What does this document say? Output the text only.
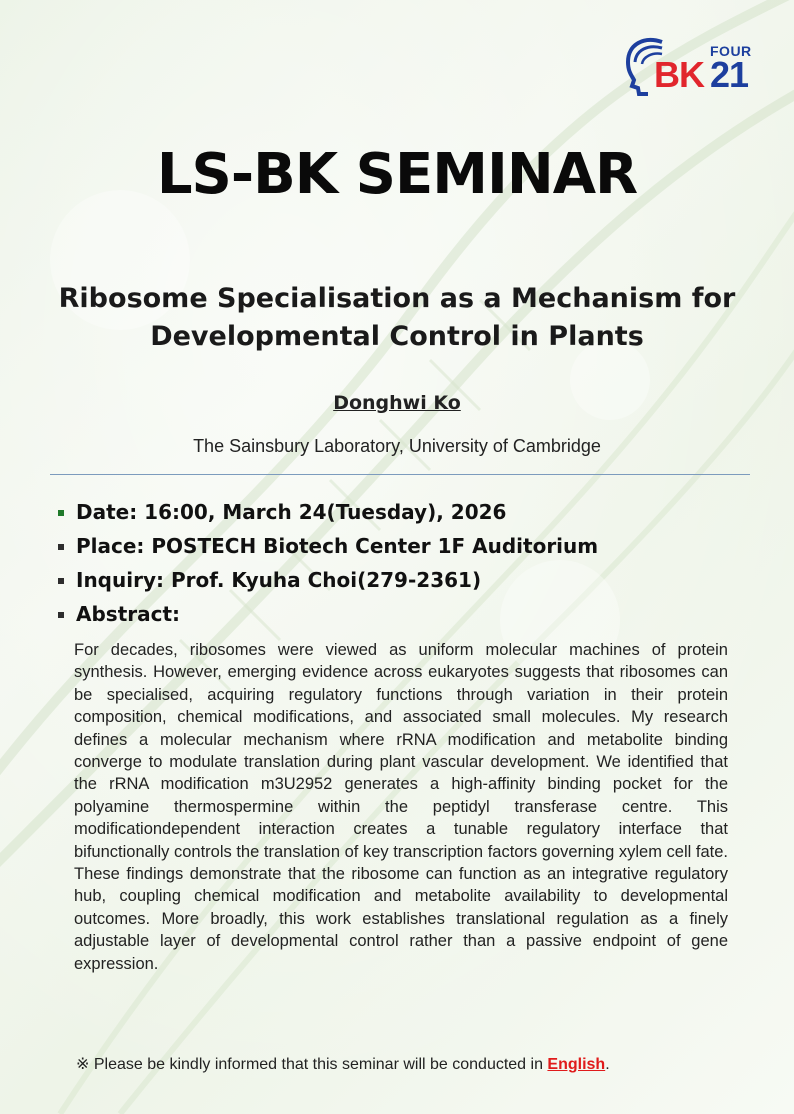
FOUR
BK 21
LS-BK SEMINAR
Ribosome Specialisation as a Mechanism for
Developmental Control in Plants
Donghwi Ko
The Sainsbury Laboratory, University of Cambridge
Date: 16:00, March 24(Tuesday), 2026
Place: POSTECH Biotech Center 1F Auditorium
Inquiry: Prof. Kyuha Choi(279-2361)
Abstract:
For decades, ribosomes were viewed as uniform molecular machines of protein synthesis. However, emerging evidence across eukaryotes suggests that ribosomes can be specialised, acquiring regulatory functions through variation in their protein composition, chemical modifications, and associated small molecules. My research defines a molecular mechanism where rRNA modification and metabolite binding converge to modulate translation during plant vascular development. We identified that the rRNA modification m3U2952 generates a high-affinity binding pocket for the polyamine thermospermine within the peptidyl transferase centre. This modificationdependent interaction creates a tunable regulatory interface that bifunctionally controls the translation of key transcription factors governing xylem cell fate. These findings demonstrate that the ribosome can function as an integrative regulatory hub, coupling chemical modification and metabolite availability to developmental outcomes. More broadly, this work establishes translational regulation as a finely adjustable layer of developmental control rather than a passive endpoint of gene expression.
※ Please be kindly informed that this seminar will be conducted in English.
